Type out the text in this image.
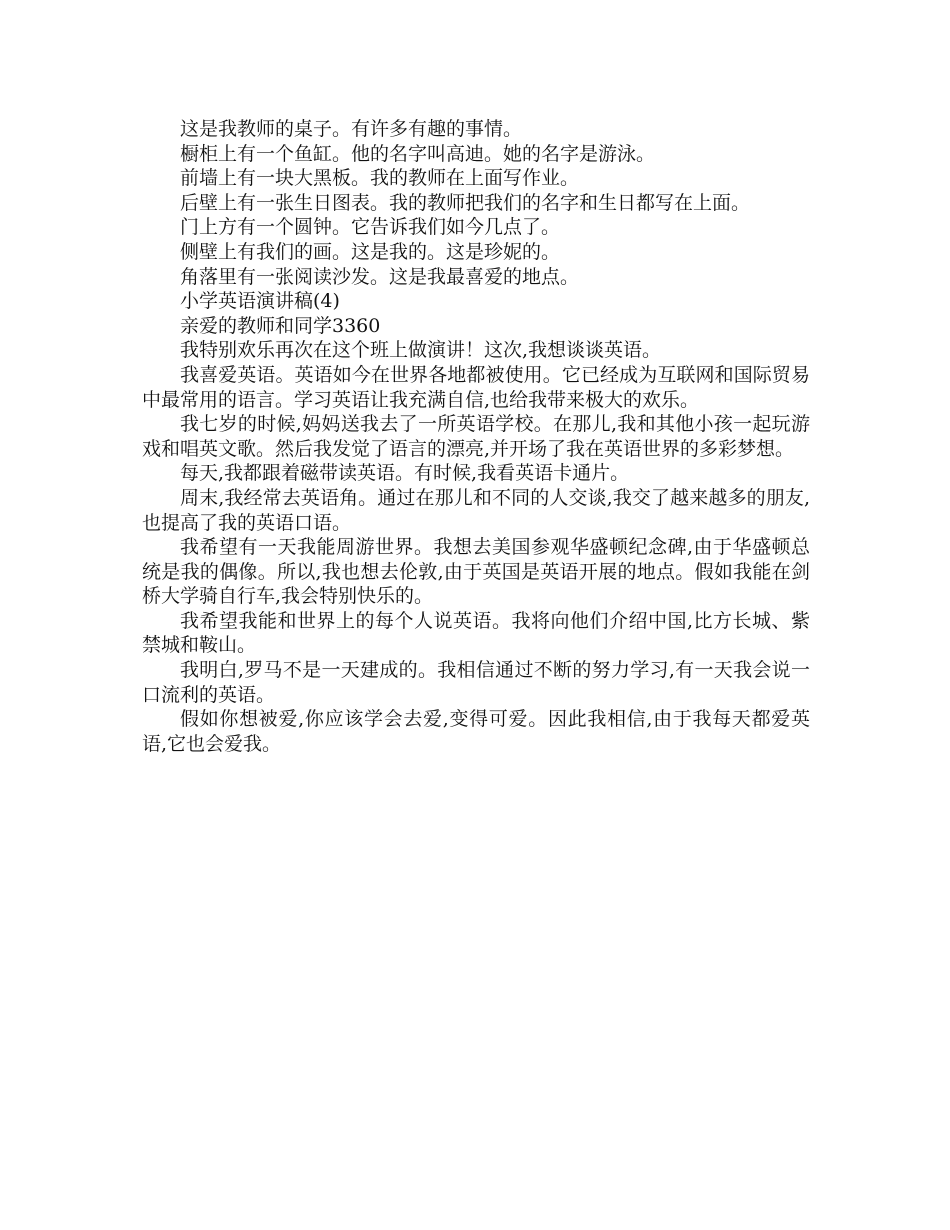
这是我教师的桌子。有许多有趣的事情。

橱柜上有一个鱼缸。他的名字叫高迪。她的名字是游泳。

前墙上有一块大黑板。我的教师在上面写作业。

后壁上有一张生日图表。我的教师把我们的名字和生日都写在上面。

门上方有一个圆钟。它告诉我们如今几点了。

侧壁上有我们的画。这是我的。这是珍妮的。

角落里有一张阅读沙发。这是我最喜爱的地点。

小学英语演讲稿(4)

亲爱的教师和同学3360

我特别欢乐再次在这个班上做演讲！这次,我想谈谈英语。

我喜爱英语。英语如今在世界各地都被使用。它已经成为互联网和国际贸易中最常用的语言。学习英语让我充满自信,也给我带来极大的欢乐。

我七岁的时候,妈妈送我去了一所英语学校。在那儿,我和其他小孩一起玩游戏和唱英文歌。然后我发觉了语言的漂亮,并开场了我在英语世界的多彩梦想。

每天,我都跟着磁带读英语。有时候,我看英语卡通片。

周末,我经常去英语角。通过在那儿和不同的人交谈,我交了越来越多的朋友,也提高了我的英语口语。

我希望有一天我能周游世界。我想去美国参观华盛顿纪念碑,由于华盛顿总统是我的偶像。所以,我也想去伦敦,由于英国是英语开展的地点。假如我能在剑桥大学骑自行车,我会特别快乐的。

我希望我能和世界上的每个人说英语。我将向他们介绍中国,比方长城、紫禁城和鞍山。

我明白,罗马不是一天建成的。我相信通过不断的努力学习,有一天我会说一口流利的英语。

假如你想被爱,你应该学会去爱,变得可爱。因此我相信,由于我每天都爱英语,它也会爱我。
